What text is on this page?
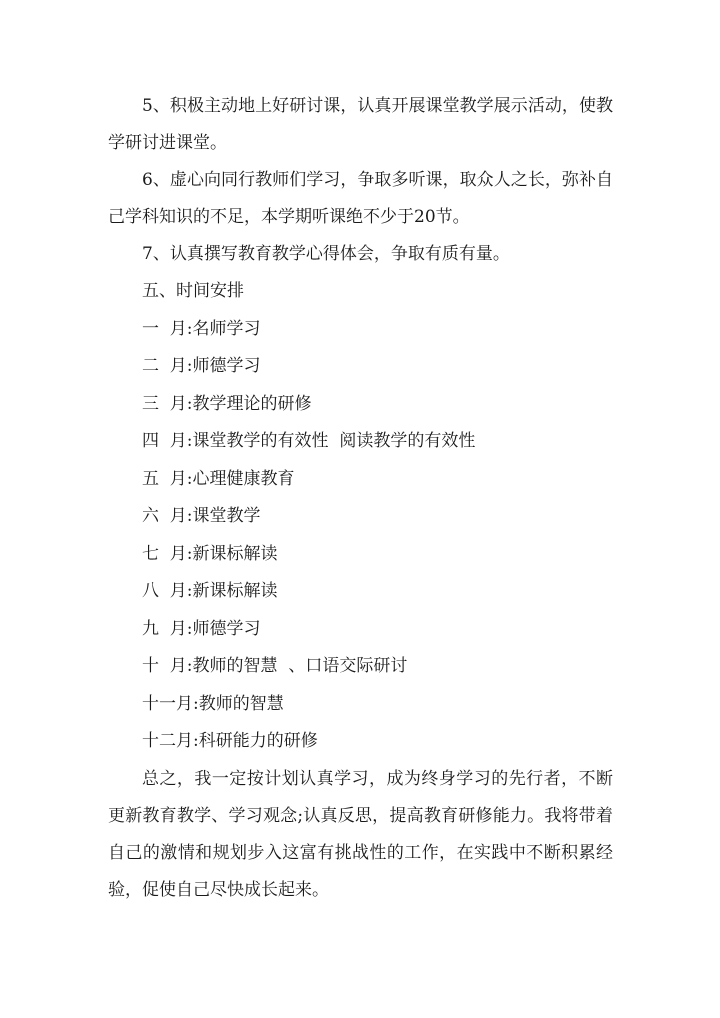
5、积极主动地上好研讨课，认真开展课堂教学展示活动，使教学研讨进课堂。

6、虚心向同行教师们学习，争取多听课，取众人之长，弥补自己学科知识的不足，本学期听课绝不少于20节。

7、认真撰写教育教学心得体会，争取有质有量。

五、时间安排

一  月:名师学习

二  月:师德学习

三  月:教学理论的研修

四  月:课堂教学的有效性  阅读教学的有效性

五  月:心理健康教育

六  月:课堂教学

七  月:新课标解读

八  月:新课标解读

九  月:师德学习

十  月:教师的智慧  、口语交际研讨

十一月:教师的智慧

十二月:科研能力的研修

总之，我一定按计划认真学习，成为终身学习的先行者，不断更新教育教学、学习观念;认真反思，提高教育研修能力。我将带着自己的激情和规划步入这富有挑战性的工作，在实践中不断积累经验，促使自己尽快成长起来。
